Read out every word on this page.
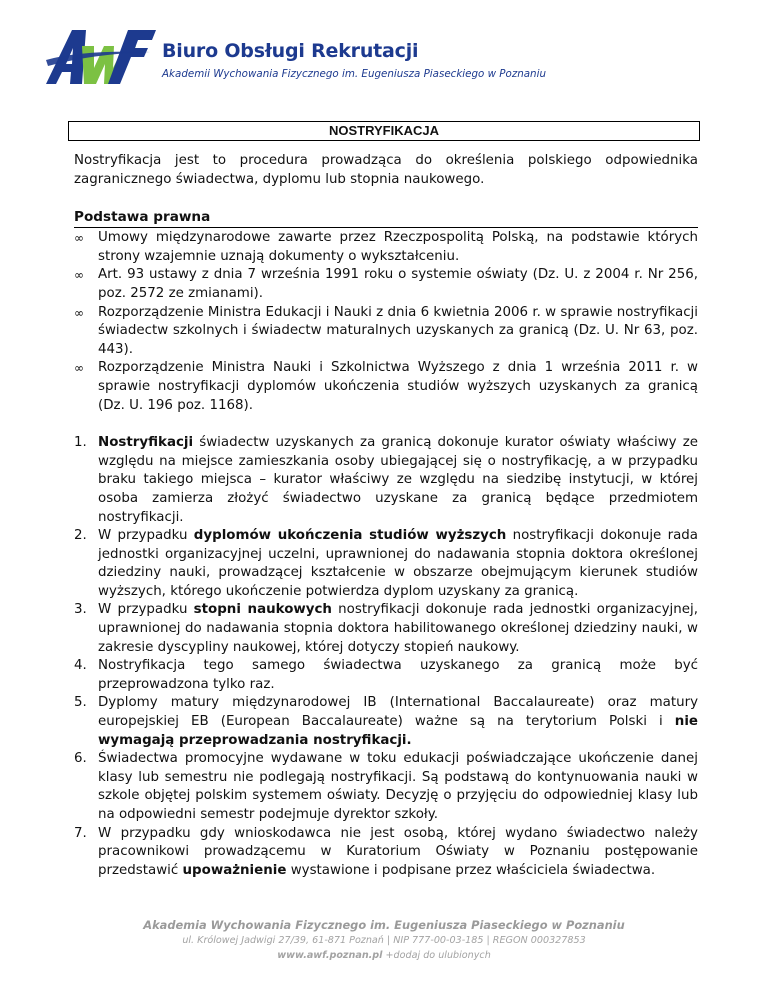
Biuro Obsługi Rekrutacji
Akademii Wychowania Fizycznego im. Eugeniusza Piaseckiego w Poznaniu
NOSTRYFIKACJA

Nostryfikacja jest to procedura prowadząca do określenia polskiego odpowiednika zagranicznego świadectwa, dyplomu lub stopnia naukowego.

Podstawa prawna
∞	Umowy międzynarodowe zawarte przez Rzeczpospolitą Polską, na podstawie których strony wzajemnie uznają dokumenty o wykształceniu.
∞	Art. 93 ustawy z dnia 7 września 1991 roku o systemie oświaty (Dz. U. z 2004 r. Nr 256, poz. 2572 ze zmianami).
∞	Rozporządzenie Ministra Edukacji i Nauki z dnia 6 kwietnia 2006 r. w sprawie nostryfikacji świadectw szkolnych i świadectw maturalnych uzyskanych za granicą (Dz. U. Nr 63, poz. 443).
∞	Rozporządzenie Ministra Nauki i Szkolnictwa Wyższego z dnia 1 września 2011 r. w sprawie nostryfikacji dyplomów ukończenia studiów wyższych uzyskanych za granicą (Dz. U. 196 poz. 1168).
1. Nostryfikacji świadectw uzyskanych za granicą dokonuje kurator oświaty właściwy ze względu na miejsce zamieszkania osoby ubiegającej się o nostryfikację, a w przypadku braku takiego miejsca – kurator właściwy ze względu na siedzibę instytucji, w której osoba zamierza złożyć świadectwo uzyskane za granicą będące przedmiotem nostryfikacji.
2. W przypadku dyplomów ukończenia studiów wyższych nostryfikacji dokonuje rada jednostki organizacyjnej uczelni, uprawnionej do nadawania stopnia doktora określonej dziedziny nauki, prowadzącej kształcenie w obszarze obejmującym kierunek studiów wyższych, którego ukończenie potwierdza dyplom uzyskany za granicą.
3. W przypadku stopni naukowych nostryfikacji dokonuje rada jednostki organizacyjnej, uprawnionej do nadawania stopnia doktora habilitowanego określonej dziedziny nauki, w zakresie dyscypliny naukowej, której dotyczy stopień naukowy.
4. Nostryfikacja tego samego świadectwa uzyskanego za granicą może być przeprowadzona tylko raz.
5. Dyplomy matury międzynarodowej IB (International Baccalaureate) oraz matury europejskiej EB (European Baccalaureate) ważne są na terytorium Polski i nie wymagają przeprowadzania nostryfikacji.
6. Świadectwa promocyjne wydawane w toku edukacji poświadczające ukończenie danej klasy lub semestru nie podlegają nostryfikacji. Są podstawą do kontynuowania nauki w szkole objętej polskim systemem oświaty. Decyzję o przyjęciu do odpowiedniej klasy lub na odpowiedni semestr podejmuje dyrektor szkoły.
7. W przypadku gdy wnioskodawca nie jest osobą, której wydano świadectwo należy pracownikowi prowadzącemu w Kuratorium Oświaty w Poznaniu postępowanie przedstawić upoważnienie wystawione i podpisane przez właściciela świadectwa.
Akademia Wychowania Fizycznego im. Eugeniusza Piaseckiego w Poznaniu
ul. Królowej Jadwigi 27/39, 61-871 Poznań | NIP 777-00-03-185 | REGON 000327853
www.awf.poznan.pl +dodaj do ulubionych
